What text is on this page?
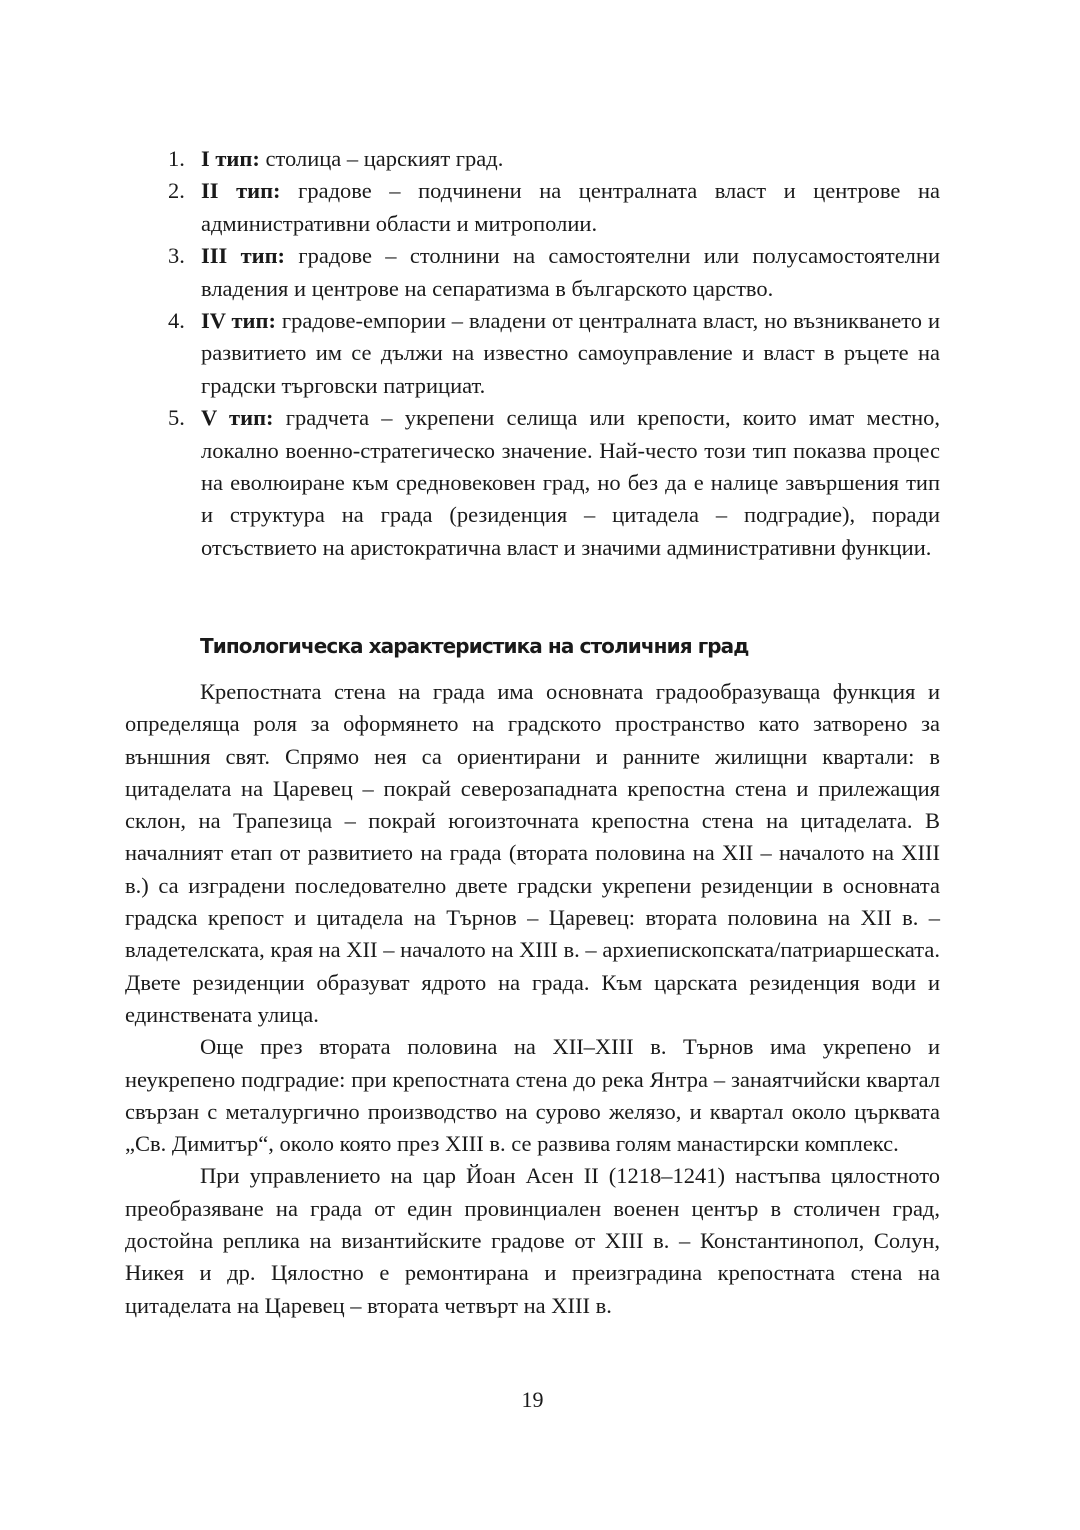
1. I тип: столица – царският град.
2. II тип: градове – подчинени на централната власт и центрове на административни области и митрополии.
3. III тип: градове – столнини на самостоятелни или полусамостоятелни владения и центрове на сепаратизма в българското царство.
4. IV тип: градове-емпории – владени от централната власт, но възникването и развитието им се дължи на известно самоуправление и власт в ръцете на градски търговски патрициат.
5. V тип: градчета – укрепени селища или крепости, които имат местно, локално военно-стратегическо значение. Най-често този тип показва процес на еволюиране към средновековен град, но без да е налице завършения тип и структура на града (резиденция – цитадела – подградие), поради отсъствието на аристократична власт и значими административни функции.
Типологическа характеристика на столичния град

Крепостната стена на града има основната градообразуваща функция и определяща роля за оформянето на градското пространство като затворено за външния свят. Спрямо нея са ориентирани и ранните жилищни квартали: в цитаделата на Царевец – покрай северозападната крепостна стена и прилежащия склон, на Трапезица – покрай югоизточната крепостна стена на цитаделата. В началният етап от развитието на града (втората половина на XII – началото на XIII в.) са изградени последователно двете градски укрепени резиденции в основната градска крепост и цитадела на Търнов – Царевец: втората половина на XII в. – владетелската, края на XII – началото на XIII в. – архиепископската/патриаршеската. Двете резиденции образуват ядрото на града. Към царската резиденция води и единствената улица.

Още през втората половина на XII–XIII в. Търнов има укрепено и неукрепено подградие: при крепостната стена до река Янтра – занаятчийски квартал свързан с металургично производство на сурово желязо, и квартал около църквата „Св. Димитър“, около която през XIII в. се развива голям манастирски комплекс.

При управлението на цар Йоан Асен II (1218–1241) настъпва цялостното преобразяване на града от един провинциален военен център в столичен град, достойна реплика на византийските градове от XIII в. – Константинопол, Солун, Никея и др. Цялостно е ремонтирана и преизградина крепостната стена на цитаделата на Царевец – втората четвърт на XIII в.

19
